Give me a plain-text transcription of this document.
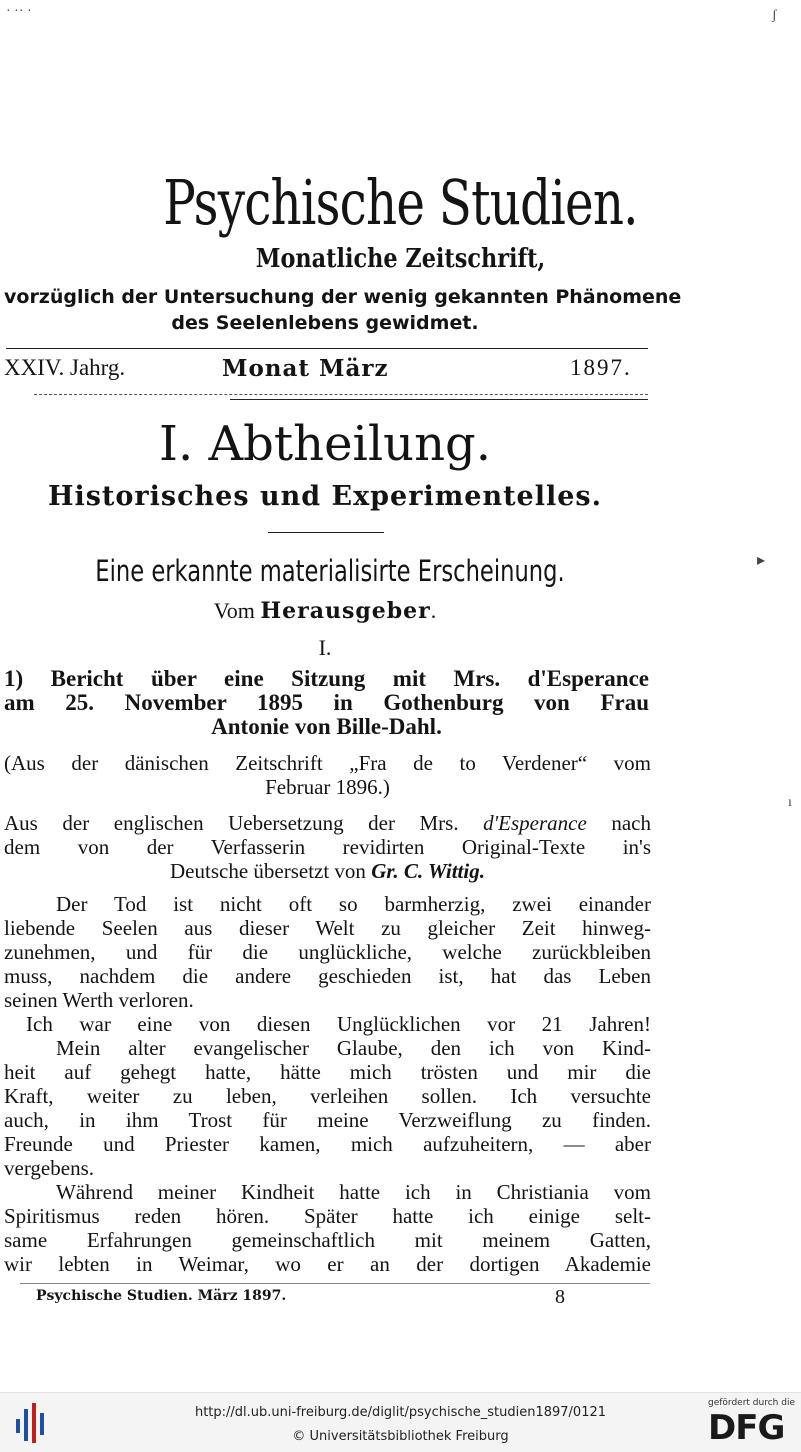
· ·· ·	ʃ
Psychische Studien.
Monatliche Zeitschrift,
vorzüglich der Untersuchung der wenig gekannten Phänomene
des Seelenlebens gewidmet.
XXIV. Jahrg.	Monat März	1897.
I. Abtheilung.
Historisches und Experimentelles.
Eine erkannte materialisirte Erscheinung.
Vom Herausgeber.
I.
1) Bericht über eine Sitzung mit Mrs. d'Esperance
am 25. November 1895 in Gothenburg von Frau
Antonie von Bille-Dahl.
(Aus der dänischen Zeitschrift „Fra de to Verdener“ vom
Februar 1896.)
Aus der englischen Uebersetzung der Mrs. d'Esperance nach
dem von der Verfasserin revidirten Original-Texte in's
Deutsche übersetzt von Gr. C. Wittig.
Der Tod ist nicht oft so barmherzig, zwei einander
liebende Seelen aus dieser Welt zu gleicher Zeit hinweg-
zunehmen, und für die unglückliche, welche zurückbleiben
muss, nachdem die andere geschieden ist, hat das Leben
seinen Werth verloren.
Ich war eine von diesen Unglücklichen vor 21 Jahren!
Mein alter evangelischer Glaube, den ich von Kind-
heit auf gehegt hatte, hätte mich trösten und mir die
Kraft, weiter zu leben, verleihen sollen. Ich versuchte
auch, in ihm Trost für meine Verzweiflung zu finden.
Freunde und Priester kamen, mich aufzuheitern, — aber
vergebens.
Während meiner Kindheit hatte ich in Christiania vom
Spiritismus reden hören. Später hatte ich einige selt-
same Erfahrungen gemeinschaftlich mit meinem Gatten,
wir lebten in Weimar, wo er an der dortigen Akademie
Psychische Studien. März 1897.	8
▸
ı
http://dl.ub.uni-freiburg.de/diglit/psychische_studien1897/0121
© Universitätsbibliothek Freiburg
gefördert durch die
DFG
